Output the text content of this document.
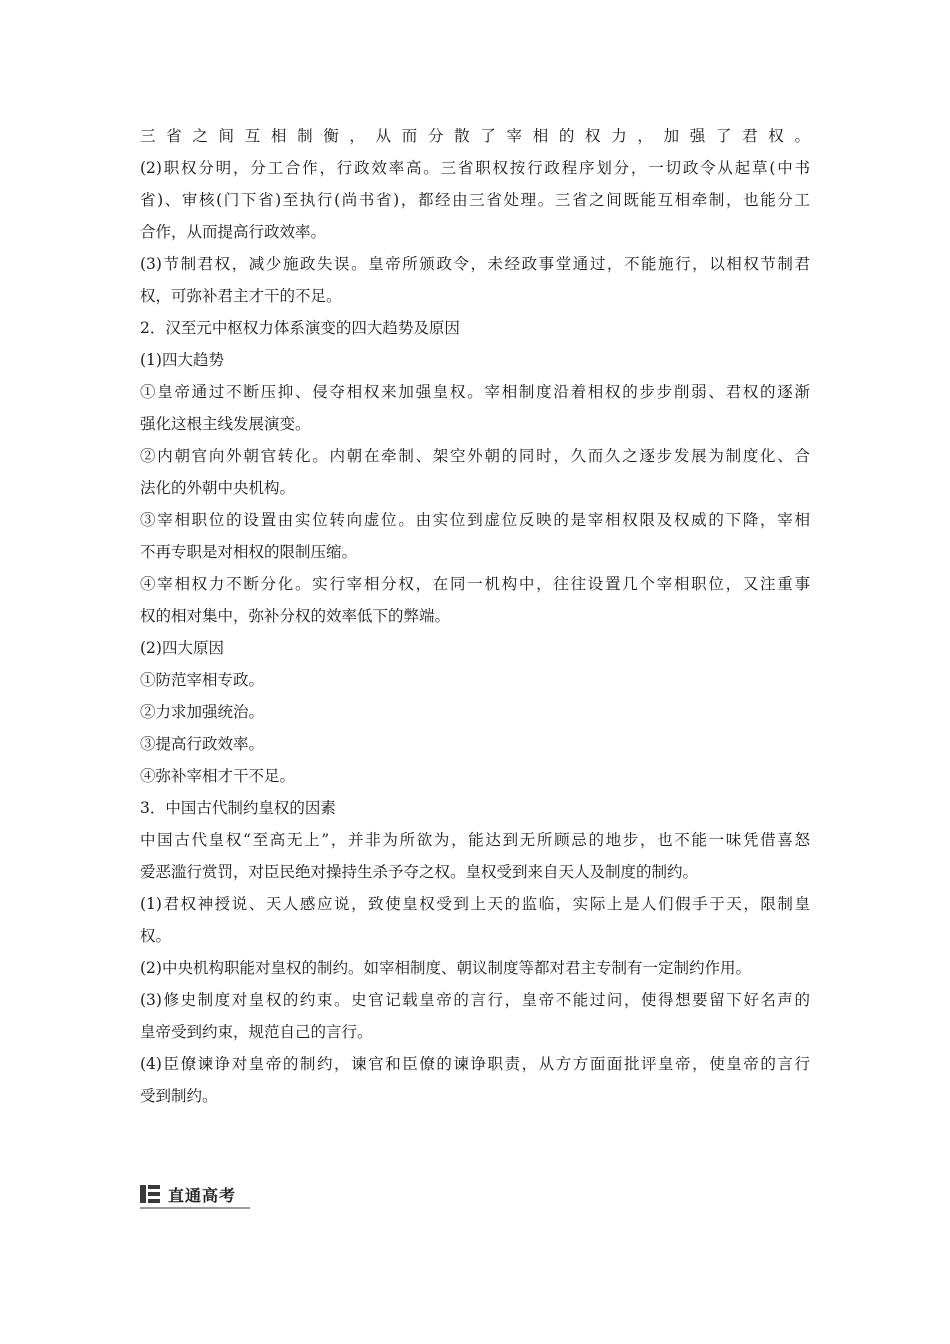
三省之间互相制衡，从而分散了宰相的权力，加强了君权。
(2)职权分明，分工合作，行政效率高。三省职权按行政程序划分，一切政令从起草(中书
省)、审核(门下省)至执行(尚书省)，都经由三省处理。三省之间既能互相牵制，也能分工
合作，从而提高行政效率。
(3)节制君权，减少施政失误。皇帝所颁政令，未经政事堂通过，不能施行，以相权节制君
权，可弥补君主才干的不足。
2．汉至元中枢权力体系演变的四大趋势及原因
(1)四大趋势
①皇帝通过不断压抑、侵夺相权来加强皇权。宰相制度沿着相权的步步削弱、君权的逐渐
强化这根主线发展演变。
②内朝官向外朝官转化。内朝在牵制、架空外朝的同时，久而久之逐步发展为制度化、合
法化的外朝中央机构。
③宰相职位的设置由实位转向虚位。由实位到虚位反映的是宰相权限及权威的下降，宰相
不再专职是对相权的限制压缩。
④宰相权力不断分化。实行宰相分权，在同一机构中，往往设置几个宰相职位，又注重事
权的相对集中，弥补分权的效率低下的弊端。
(2)四大原因
①防范宰相专政。
②力求加强统治。
③提高行政效率。
④弥补宰相才干不足。
3．中国古代制约皇权的因素
中国古代皇权“至高无上”，并非为所欲为，能达到无所顾忌的地步，也不能一味凭借喜怒
爱恶滥行赏罚，对臣民绝对操持生杀予夺之权。皇权受到来自天人及制度的制约。
(1)君权神授说、天人感应说，致使皇权受到上天的监临，实际上是人们假手于天，限制皇
权。
(2)中央机构职能对皇权的制约。如宰相制度、朝议制度等都对君主专制有一定制约作用。
(3)修史制度对皇权的约束。史官记载皇帝的言行，皇帝不能过问，使得想要留下好名声的
皇帝受到约束，规范自己的言行。
(4)臣僚谏诤对皇帝的制约，谏官和臣僚的谏诤职责，从方方面面批评皇帝，使皇帝的言行
受到制约。
直通高考
